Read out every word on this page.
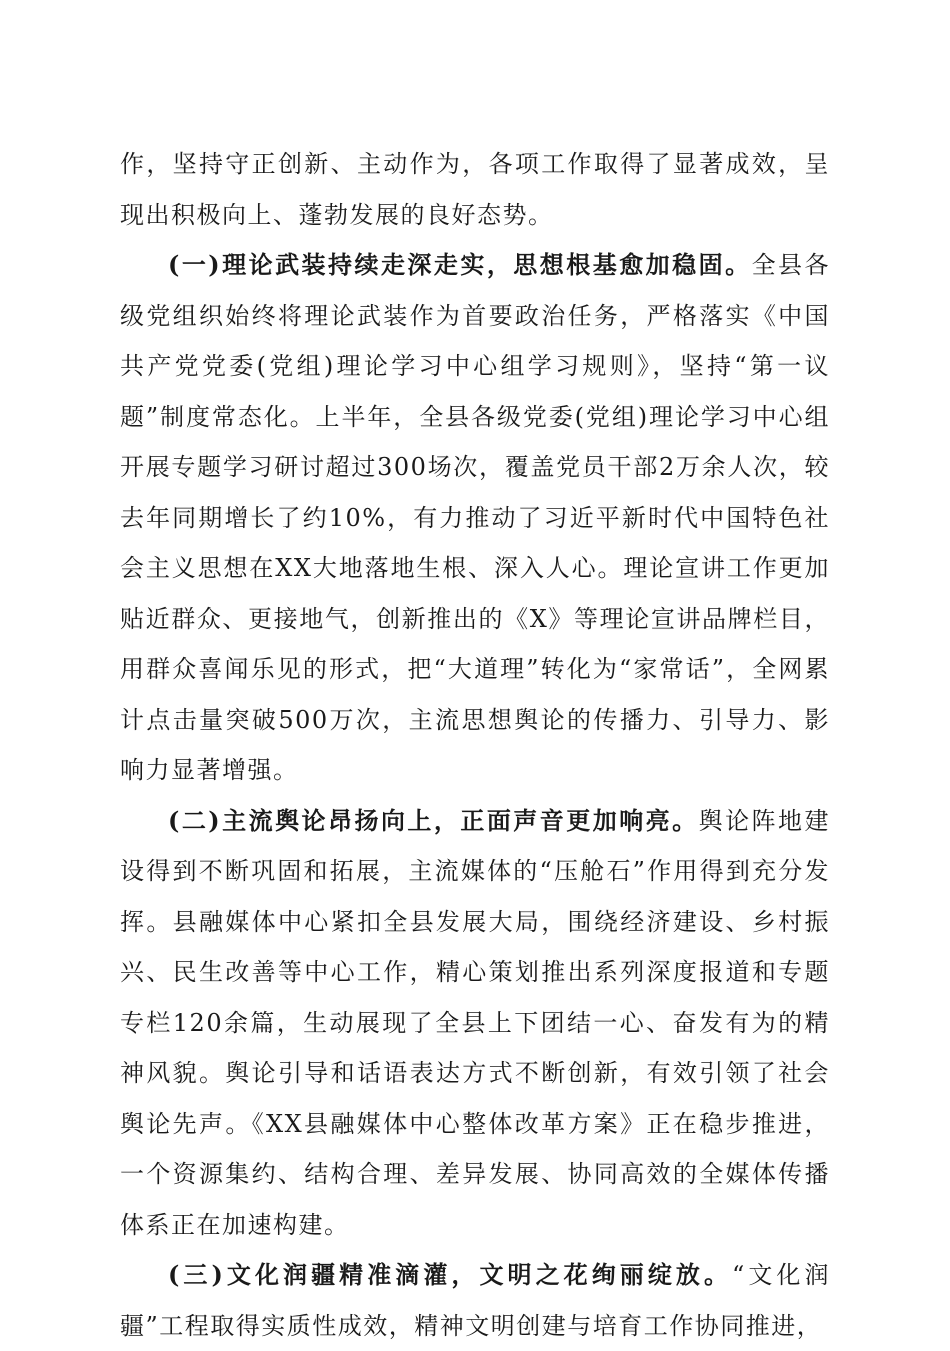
作，坚持守正创新、主动作为，各项工作取得了显著成效，呈现出积极向上、蓬勃发展的良好态势。

(一)理论武装持续走深走实，思想根基愈加稳固。全县各级党组织始终将理论武装作为首要政治任务，严格落实《中国共产党党委(党组)理论学习中心组学习规则》，坚持“第一议题”制度常态化。上半年，全县各级党委(党组)理论学习中心组开展专题学习研讨超过300场次，覆盖党员干部2万余人次，较去年同期增长了约10%，有力推动了习近平新时代中国特色社会主义思想在XX大地落地生根、深入人心。理论宣讲工作更加贴近群众、更接地气，创新推出的《X》等理论宣讲品牌栏目，用群众喜闻乐见的形式，把“大道理”转化为“家常话”，全网累计点击量突破500万次，主流思想舆论的传播力、引导力、影响力显著增强。

(二)主流舆论昂扬向上，正面声音更加响亮。舆论阵地建设得到不断巩固和拓展，主流媒体的“压舱石”作用得到充分发挥。县融媒体中心紧扣全县发展大局，围绕经济建设、乡村振兴、民生改善等中心工作，精心策划推出系列深度报道和专题专栏120余篇，生动展现了全县上下团结一心、奋发有为的精神风貌。舆论引导和话语表达方式不断创新，有效引领了社会舆论先声。《XX县融媒体中心整体改革方案》正在稳步推进，一个资源集约、结构合理、差异发展、协同高效的全媒体传播体系正在加速构建。

(三)文化润疆精准滴灌，文明之花绚丽绽放。“文化润疆”工程取得实质性成效，精神文明创建与培育工作协同推进，
